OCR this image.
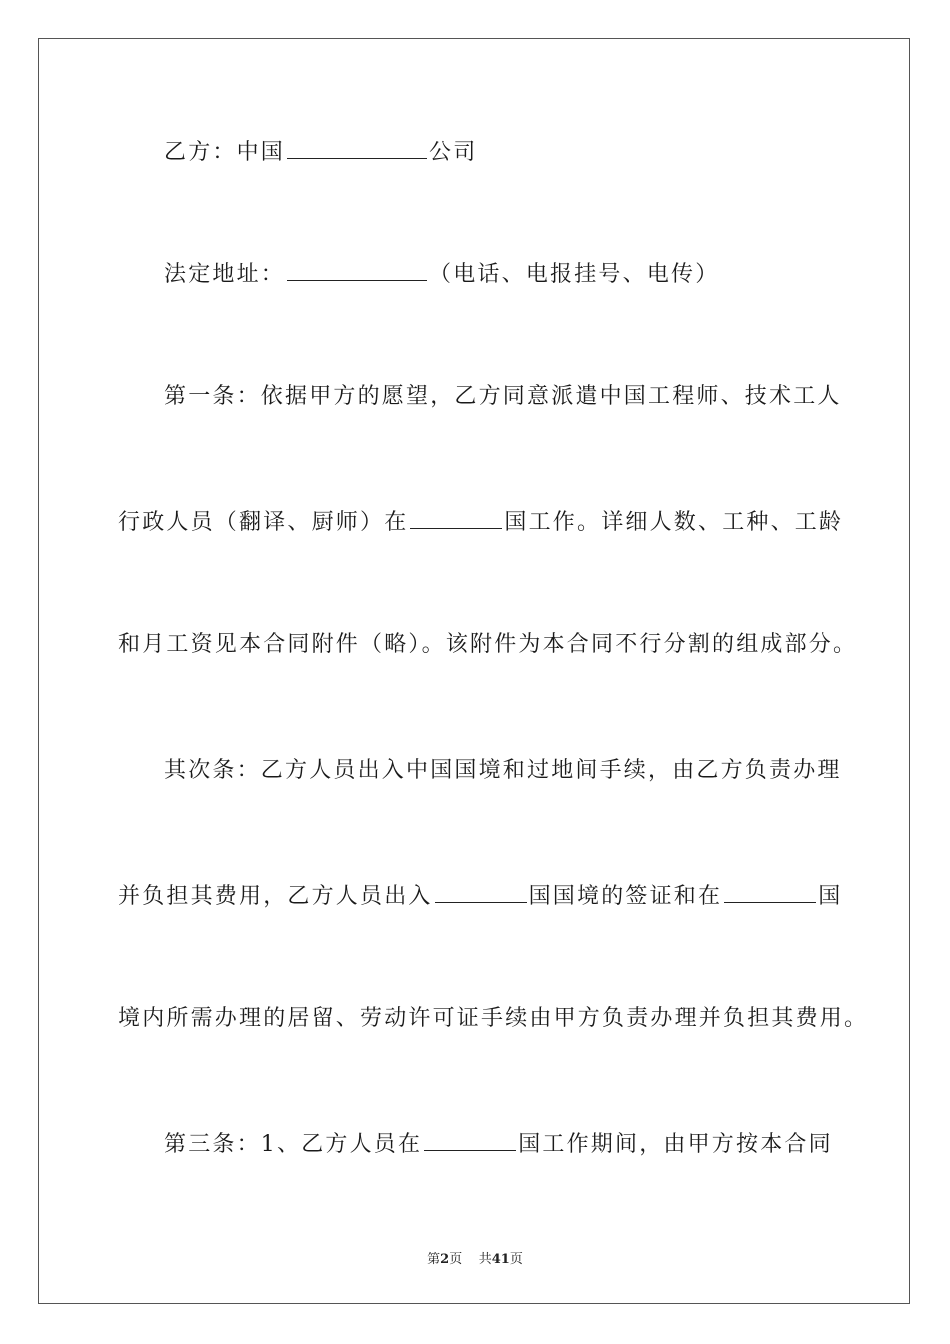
乙方：中国	公司
法定地址：	（电话、电报挂号、电传）
第一条：依据甲方的愿望，乙方同意派遣中国工程师、技术工人
行政人员（翻译、厨师）在	国工作。详细人数、工种、工龄
和月工资见本合同附件（略）。该附件为本合同不行分割的组成部分。
其次条：乙方人员出入中国国境和过地间手续，由乙方负责办理
并负担其费用，乙方人员出入	国国境的签证和在	国
境内所需办理的居留、劳动许可证手续由甲方负责办理并负担其费用。
第三条：1、乙方人员在	国工作期间，由甲方按本合同
第2页 共41页
